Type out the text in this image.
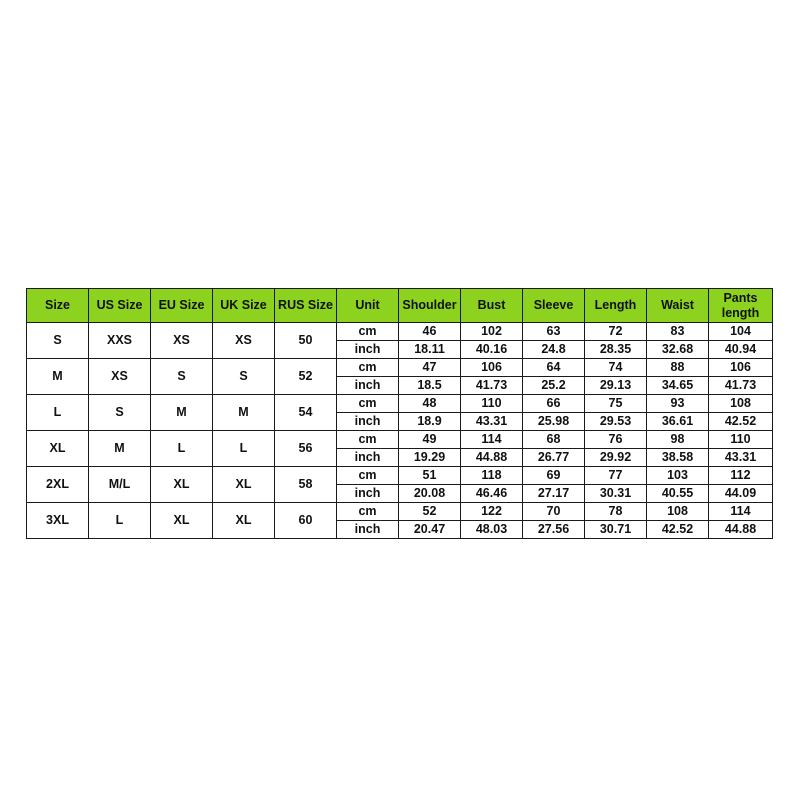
Size	US Size	EU Size	UK Size	RUS Size	Unit	Shoulder	Bust	Sleeve	Length	Waist	Pants length
S	XXS	XS	XS	50	cm	46	102	63	72	83	104
					inch	18.11	40.16	24.8	28.35	32.68	40.94
M	XS	S	S	52	cm	47	106	64	74	88	106
					inch	18.5	41.73	25.2	29.13	34.65	41.73
L	S	M	M	54	cm	48	110	66	75	93	108
					inch	18.9	43.31	25.98	29.53	36.61	42.52
XL	M	L	L	56	cm	49	114	68	76	98	110
					inch	19.29	44.88	26.77	29.92	38.58	43.31
2XL	M/L	XL	XL	58	cm	51	118	69	77	103	112
					inch	20.08	46.46	27.17	30.31	40.55	44.09
3XL	L	XL	XL	60	cm	52	122	70	78	108	114
					inch	20.47	48.03	27.56	30.71	42.52	44.88
